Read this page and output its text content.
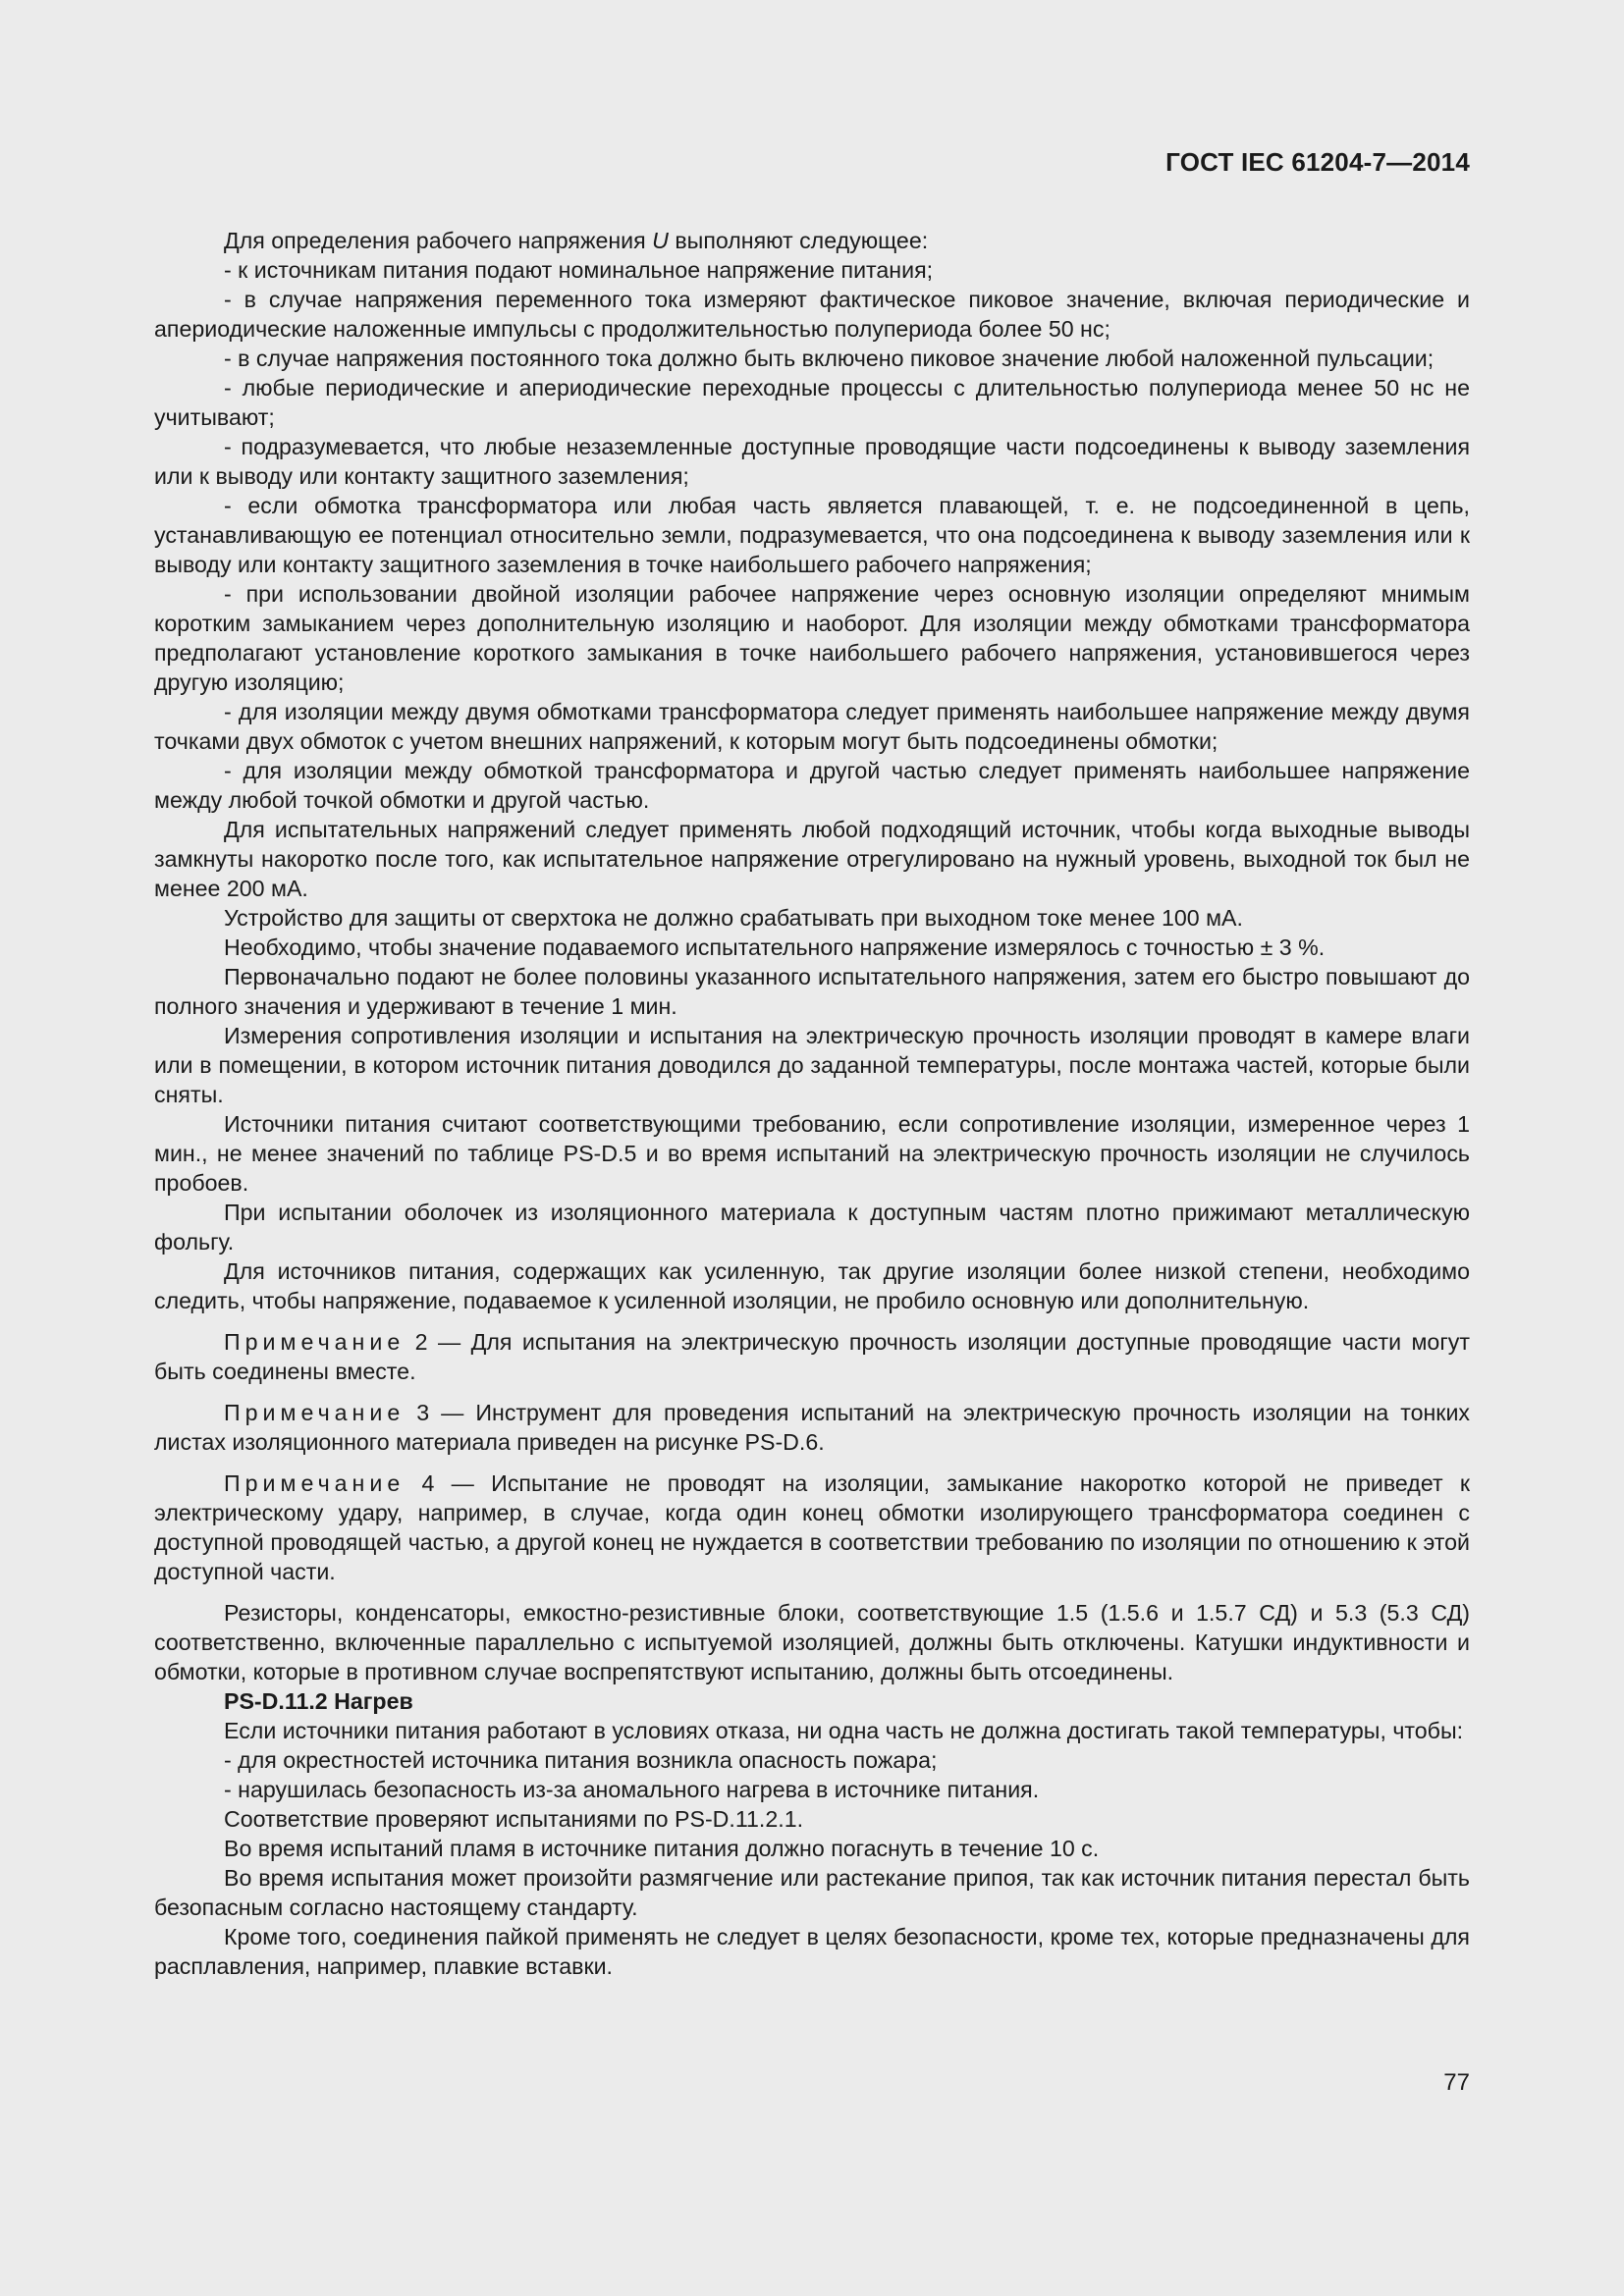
ГОСТ IEC 61204-7—2014

Для определения рабочего напряжения U выполняют следующее:

- к источникам питания подают номинальное напряжение питания;

- в случае напряжения переменного тока измеряют фактическое пиковое значение, включая периодические и апериодические наложенные импульсы с продолжительностью полупериода более 50 нс;

- в случае напряжения постоянного тока должно быть включено пиковое значение любой наложенной пульсации;

- любые периодические и апериодические переходные процессы с длительностью полупериода менее 50 нс не учитывают;

- подразумевается, что любые незаземленные доступные проводящие части подсоединены к выводу заземления или к выводу или контакту защитного заземления;

- если обмотка трансформатора или любая часть является плавающей, т. е. не подсоединенной в цепь, устанавливающую ее потенциал относительно земли, подразумевается, что она подсоединена к выводу заземления или к выводу или контакту защитного заземления в точке наибольшего рабочего напряжения;

- при использовании двойной изоляции рабочее напряжение через основную изоляции определяют мнимым коротким замыканием через дополнительную изоляцию и наоборот. Для изоляции между обмотками трансформатора предполагают установление короткого замыкания в точке наибольшего рабочего напряжения, установившегося через другую изоляцию;

- для изоляции между двумя обмотками трансформатора следует применять наибольшее напряжение между двумя точками двух обмоток с учетом внешних напряжений, к которым могут быть подсоединены обмотки;

- для изоляции между обмоткой трансформатора и другой частью следует применять наибольшее напряжение между любой точкой обмотки и другой частью.

Для испытательных напряжений следует применять любой подходящий источник, чтобы когда выходные выводы замкнуты накоротко после того, как испытательное напряжение отрегулировано на нужный уровень, выходной ток был не менее 200 мА.

Устройство для защиты от сверхтока не должно срабатывать при выходном токе менее 100 мА.

Необходимо, чтобы значение подаваемого испытательного напряжение измерялось с точностью ± 3 %.

Первоначально подают не более половины указанного испытательного напряжения, затем его быстро повышают до полного значения и удерживают в течение 1 мин.

Измерения сопротивления изоляции и испытания на электрическую прочность изоляции проводят в камере влаги или в помещении, в котором источник питания доводился до заданной температуры, после монтажа частей, которые были сняты.

Источники питания считают соответствующими требованию, если сопротивление изоляции, измеренное через 1 мин., не менее значений по таблице PS-D.5 и во время испытаний на электрическую прочность изоляции не случилось пробоев.

При испытании оболочек из изоляционного материала к доступным частям плотно прижимают металлическую фольгу.

Для источников питания, содержащих как усиленную, так другие изоляции более низкой степени, необходимо следить, чтобы напряжение, подаваемое к усиленной изоляции, не пробило основную или дополнительную.

Примечание 2 — Для испытания на электрическую прочность изоляции доступные проводящие части могут быть соединены вместе.

Примечание 3 — Инструмент для проведения испытаний на электрическую прочность изоляции на тонких листах изоляционного материала приведен на рисунке PS-D.6.

Примечание 4 — Испытание не проводят на изоляции, замыкание накоротко которой не приведет к электрическому удару, например, в случае, когда один конец обмотки изолирующего трансформатора соединен с доступной проводящей частью, а другой конец не нуждается в соответствии требованию по изоляции по отношению к этой доступной части.

Резисторы, конденсаторы, емкостно-резистивные блоки, соответствующие 1.5 (1.5.6 и 1.5.7 СД) и 5.3 (5.3 СД) соответственно, включенные параллельно с испытуемой изоляцией, должны быть отключены. Катушки индуктивности и обмотки, которые в противном случае воспрепятствуют испытанию, должны быть отсоединены.

PS-D.11.2 Нагрев

Если источники питания работают в условиях отказа, ни одна часть не должна достигать такой температуры, чтобы:

- для окрестностей источника питания возникла опасность пожара;

- нарушилась безопасность из-за аномального нагрева в источнике питания.

Соответствие проверяют испытаниями по PS-D.11.2.1.

Во время испытаний пламя в источнике питания должно погаснуть в течение 10 с.

Во время испытания может произойти размягчение или растекание припоя, так как источник питания перестал быть безопасным согласно настоящему стандарту.

Кроме того, соединения пайкой применять не следует в целях безопасности, кроме тех, которые предназначены для расплавления, например, плавкие вставки.

77
